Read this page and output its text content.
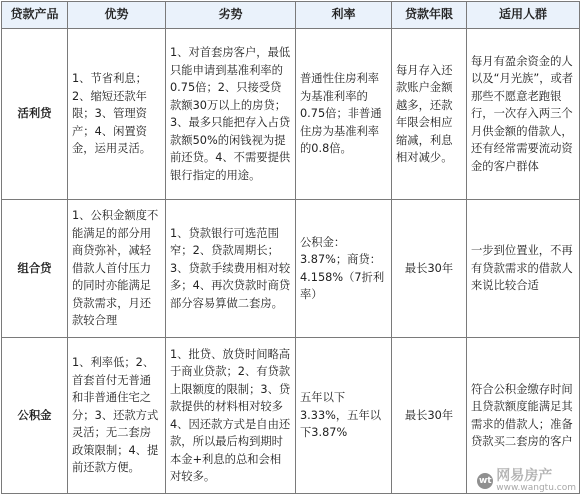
贷款产品	优势	劣势	利率	贷款年限	适用人群
活利贷	1、节省利息；2、缩短还款年限；3、管理资产；4、闲置资金，运用灵活。	1、对首套房客户，最低只能申请到基准利率的0.75倍；2、只接受贷款额30万以上的房贷；3、最多只能把存入占贷款额50%的闲钱视为提前还贷。4、不需要提供银行指定的用途。	普通性住房利率为基准利率的0.75倍；非普通住房为基准利率的0.8倍。	每月存入还款账户金额越多，还款年限会相应缩减，利息相对减少。	每月有盈余资金的人以及“月光族”，或者那些不愿意老跑银行，一次存入两三个月供金额的借款人，还有经常需要流动资金的客户群体
组合贷	1、公积金额度不能满足的部分用商贷弥补，减轻借款人首付压力的同时亦能满足贷款需求，月还款较合理	1、贷款银行可选范围窄；2、贷款周期长；3、贷款手续费用相对较多；4、再次贷款时商贷部分容易算做二套房。	公积金：3.87%；商贷：4.158%（7折利率）	最长30年	一步到位置业，不再有贷款需求的借款人来说比较合适
公积金	1、利率低；2、首套首付无普通和非普通住宅之分；3、还款方式灵活；无二套房政策限制；4、提前还款方便。	1、批贷、放贷时间略高于商业贷款；2、有贷款上限额度的限制；3、贷款提供的材料相对较多4、因还款方式是自由还款，所以最后构到期时本金+利息的总和会相对较多。	五年以下3.33%，五年以下3.87%	最长30年	符合公积金缴存时间且贷款额度能满足其需求的借款人；准备贷款买二套房的客户
wt 网易房产
www.wangtu.com
